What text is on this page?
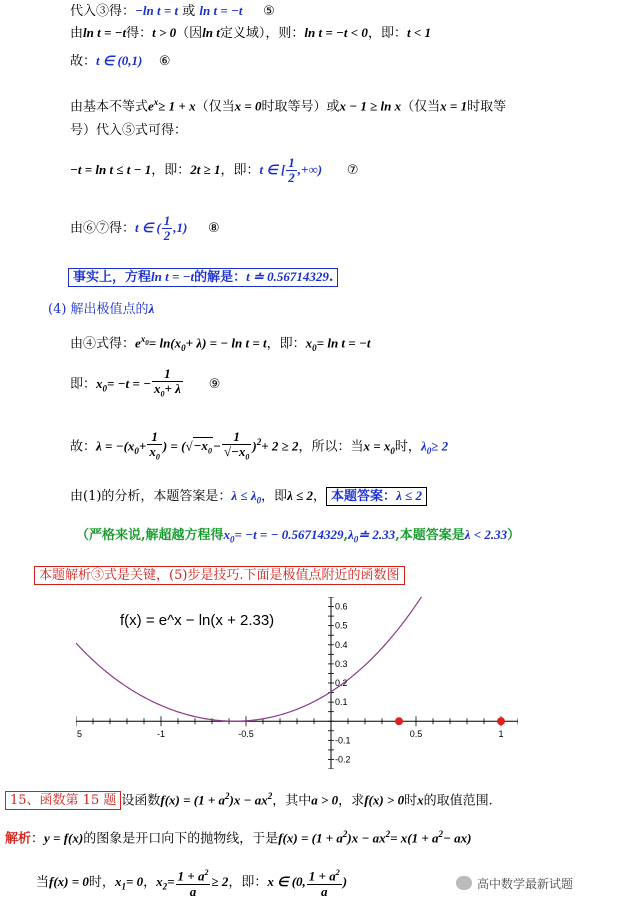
代入③得：−ln t = t 或 ln t = −t ⑤
由ln t = −t得：t > 0（因ln t定义域），则：ln t = −t < 0，即：t < 1
故：t ∈ (0,1) ⑥
由基本不等式$e^x\ge 1 + x$（仅当x = 0时取等号）或x − 1 ≥ ln x（仅当x = 1时取等
号）代入⑤式可得：
−t = ln t ≤ t − 1，即：2t ≥ 1，即：t ∈ [ $\frac{1}{2}$ ,+∞) ⑦
由⑥⑦得：t ∈ ( $\frac{1}{2} ,1$) ⑧
事实上，方程ln t = −t的解是：t ≐ 0.56714329.
(4) 解出极值点的λ
由④式得：$e^{x_0}= \ln(x_0+ \lambda)$ = − ln t = t，即：$x_0= \ln t = -t$
即：$x_0= -t$ = − $\frac{1}{x_0+ \lambda}$ ⑨
故：$\lambda = -(x_0+ \frac{1}{x_0}$ ) = $(√-x_0- \frac{1}{√-x_0} )^2+ 2 \ge 2$，所以：当$x = x_0$时，$\lambda_0\ge 2$
由(1)的分析，本题答案是：$\lambda \le \lambda_0$，即λ ≤ 2， 本题答案：λ ≤ 2
（严格来说,解超越方程得$x_0= -t$ = − $0.56714329,\lambda_0≐$ 2.33,本题答案是λ < 2.33）
本题解析③式是关键，(5)步是技巧.下面是极值点附近的函数图
-1	-0.5	0.5	1
5
-0.2
-0.1
0.1
0.2
0.3
0.4
0.5
0.6
f(x) = e^x − ln(x + 2.33)
15、函数第 15 题 设函数$f(x) = (1 + a^2)x - ax^2$，其中a > 0，求f(x) > 0时x的取值范围.
解析：y = f(x)的图象是开口向下的抛物线，于是$f(x) = (1 + a^2)x - ax^2= x(1 + a^2- ax)$
当f(x) = 0时，$x_1= 0$，$x_2= \frac{1 + a^2}{a} \ge 2$，即：x ∈ (0, $\frac{1 + a^2}{a}$ )	高中数学最新试题
